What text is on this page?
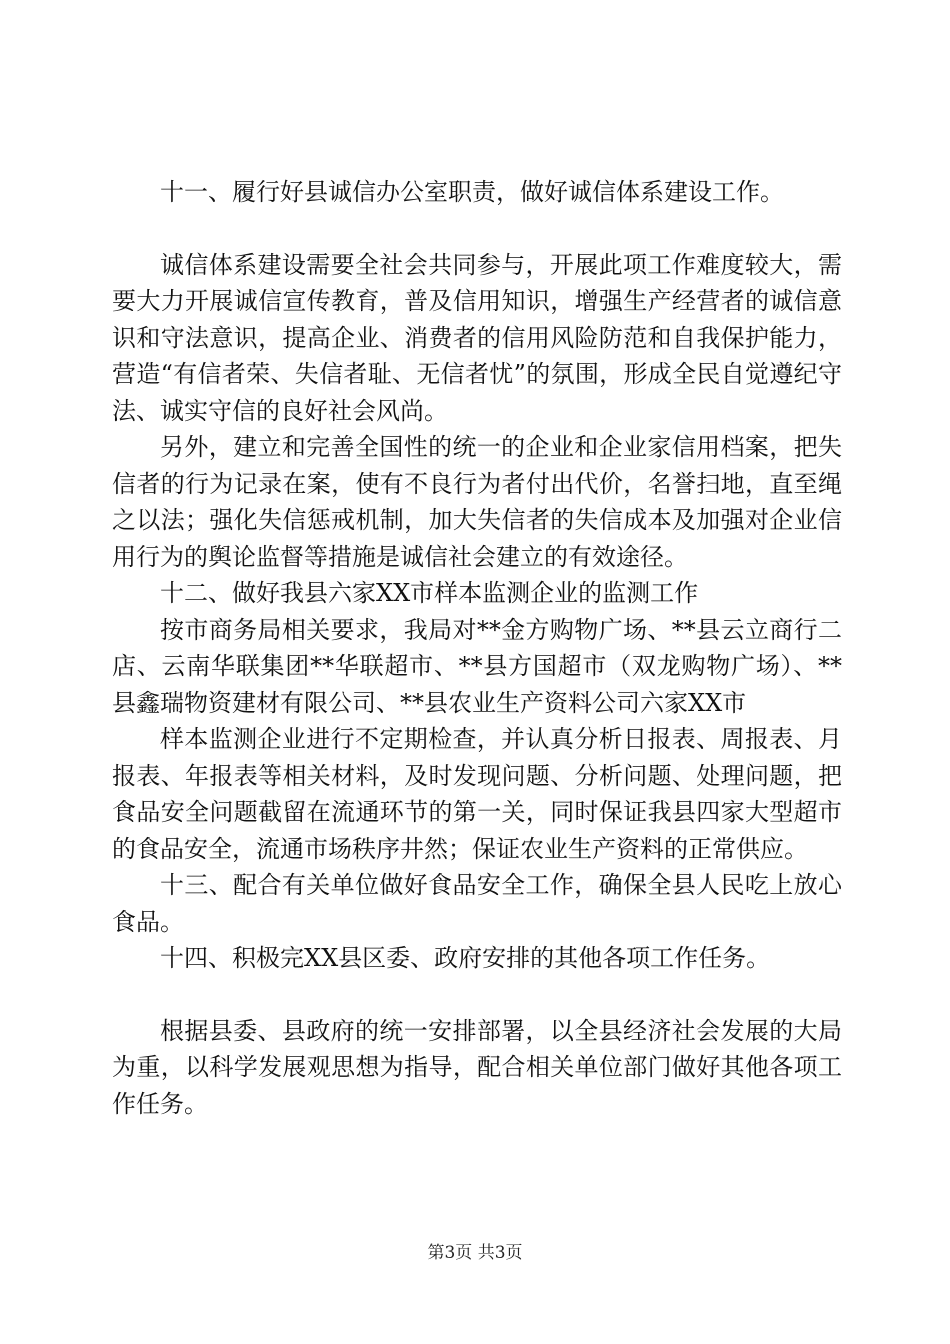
十一、履行好县诚信办公室职责，做好诚信体系建设工作。

诚信体系建设需要全社会共同参与，开展此项工作难度较大，需要大力开展诚信宣传教育，普及信用知识，增强生产经营者的诚信意识和守法意识，提高企业、消费者的信用风险防范和自我保护能力，营造“有信者荣、失信者耻、无信者忧”的氛围，形成全民自觉遵纪守法、诚实守信的良好社会风尚。

另外，建立和完善全国性的统一的企业和企业家信用档案，把失信者的行为记录在案，使有不良行为者付出代价，名誉扫地，直至绳之以法；强化失信惩戒机制，加大失信者的失信成本及加强对企业信用行为的舆论监督等措施是诚信社会建立的有效途径。

十二、做好我县六家XX市样本监测企业的监测工作

按市商务局相关要求，我局对**金方购物广场、**县云立商行二店、云南华联集团**华联超市、**县方国超市（双龙购物广场）、**县鑫瑞物资建材有限公司、**县农业生产资料公司六家XX市

样本监测企业进行不定期检查，并认真分析日报表、周报表、月报表、年报表等相关材料，及时发现问题、分析问题、处理问题，把食品安全问题截留在流通环节的第一关，同时保证我县四家大型超市的食品安全，流通市场秩序井然；保证农业生产资料的正常供应。

十三、配合有关单位做好食品安全工作，确保全县人民吃上放心食品。

十四、积极完XX县区委、政府安排的其他各项工作任务。

根据县委、县政府的统一安排部署，以全县经济社会发展的大局为重，以科学发展观思想为指导，配合相关单位部门做好其他各项工作任务。

第3页 共3页
